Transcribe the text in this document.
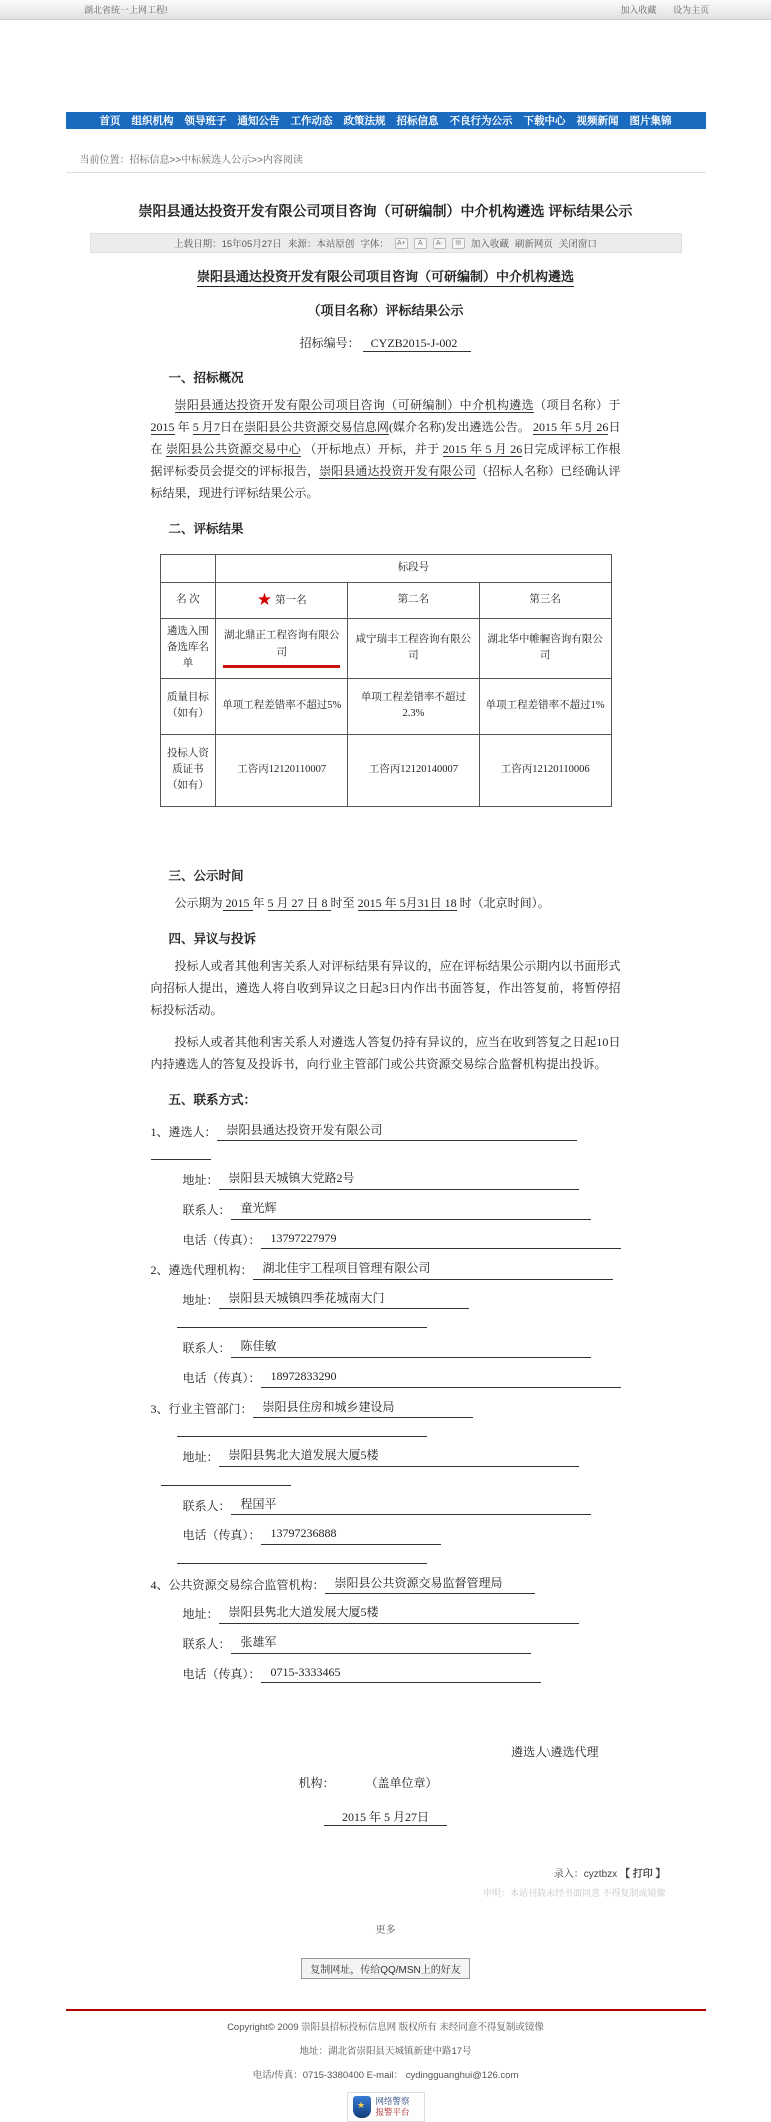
湖北省统一上网工程!	加入收藏 设为主页
首页 组织机构 领导班子 通知公告 工作动态 政策法规 招标信息 不良行为公示 下载中心 视频新闻 图片集锦
当前位置：招标信息>>中标候选人公示>>内容阅读
崇阳县通达投资开发有限公司项目咨询（可研编制）中介机构遴选 评标结果公示
上载日期：15年05月27日 来源：本站原创 字体：	A+	A	A-	✉	加入收藏 刷新网页 关闭窗口
崇阳县通达投资开发有限公司项目咨询（可研编制）中介机构遴选
（项目名称）评标结果公示
招标编号： CYZB2015-J-002
一、招标概况
崇阳县通达投资开发有限公司项目咨询（可研编制）中介机构遴选（项目名称）于 2015 年 5 月7日在崇阳县公共资源交易信息网(媒介名称)发出遴选公告。 2015 年 5月 26日在 崇阳县公共资源交易中心 （开标地点）开标，并于 2015 年 5 月 26日完成评标工作根据评标委员会提交的评标报告，崇阳县通达投资开发有限公司（招标人名称）已经确认评标结果，现进行评标结果公示。
二、评标结果
	标段号		
名 次	★ 第一名	第二名	第三名
遴选入围备选库名单	湖北鼎正工程咨询有限公司	咸宁瑞丰工程咨询有限公司	湖北华中帷幄咨询有限公司
质量目标（如有）	单项工程差错率不超过5%	单项工程差错率不超过2.3%	单项工程差错率不超过1%
投标人资质证书（如有）	工咨丙12120110007	工咨丙12120140007	工咨丙12120110006
三、公示时间
公示期为 2015 年 5 月 27 日 8 时至 2015 年 5月31日 18 时（北京时间）。
四、异议与投诉
投标人或者其他利害关系人对评标结果有异议的，应在评标结果公示期内以书面形式向招标人提出，遴选人将自收到异议之日起3日内作出书面答复，作出答复前，将暂停招标投标活动。
投标人或者其他利害关系人对遴选人答复仍持有异议的，应当在收到答复之日起10日内持遴选人的答复及投诉书，向行业主管部门或公共资源交易综合监督机构提出投诉。
五、联系方式：
1、 遴选人： 崇阳县通达投资开发有限公司
地址： 崇阳县天城镇大党路2号
联系人： 童光辉
电话（传真）： 13797227979
2、 遴选代理机构： 湖北佳宇工程项目管理有限公司
地址： 崇阳县天城镇四季花城南大门
联系人： 陈佳敏
电话（传真）： 18972833290
3、 行业主管部门： 崇阳县住房和城乡建设局
地址： 崇阳县隽北大道发展大厦5楼
联系人： 程国平
电话（传真）： 13797236888
4、 公共资源交易综合监管机构： 崇阳县公共资源交易监督管理局
地址： 崇阳县隽北大道发展大厦5楼
联系人： 张雄军
电话（传真）： 0715-3333465
遴选人\遴选代理
机构：	（盖单位章）
2015 年 5 月27日
录入：cyztbzx 【 打印 】
申明：本站刊载未经书面同意 不得复制或镜像
更多
复制网址，传给QQ/MSN上的好友
Copyright© 2009 崇阳县招标投标信息网 版权所有 未经同意不得复制或镜像
地址：湖北省崇阳县天城镇新建中路17号
电话/传真：0715-3380400 E-mail： cydingguanghui@126.com
★
网络警察
报警平台
